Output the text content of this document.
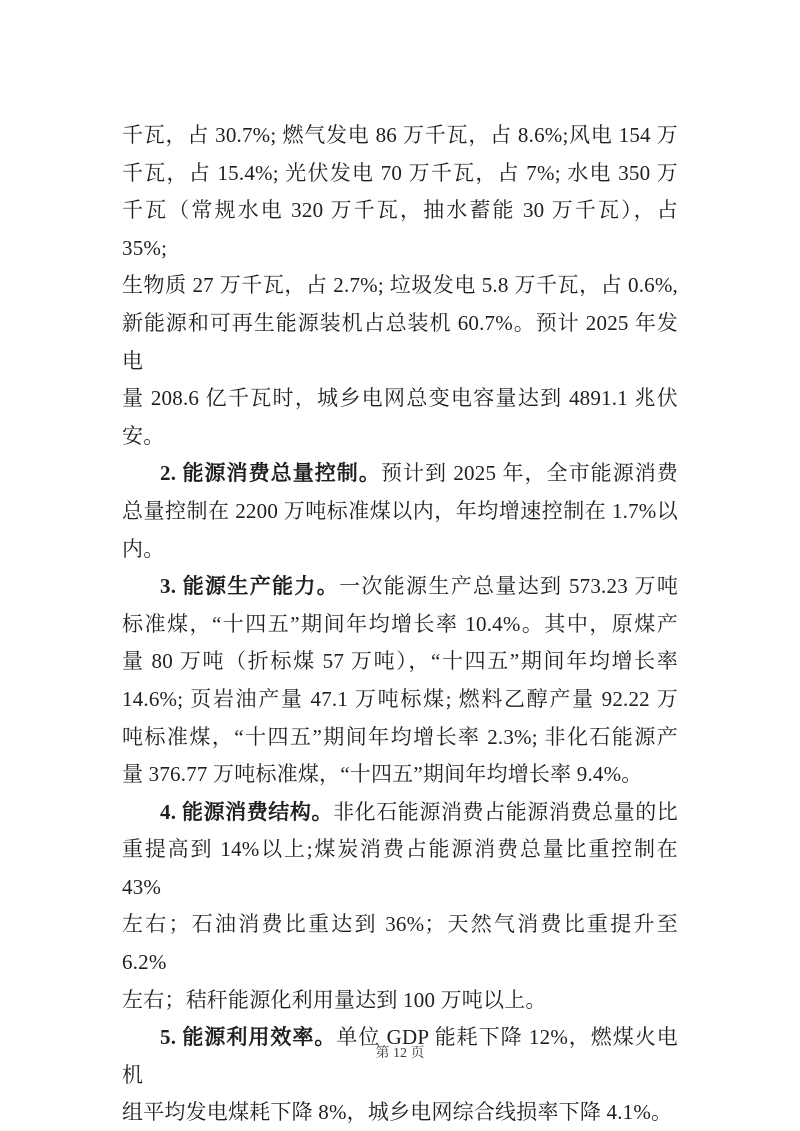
千瓦，占 30.7%; 燃气发电 86 万千瓦，占 8.6%;风电 154 万
千瓦，占 15.4%; 光伏发电 70 万千瓦，占 7%; 水电 350 万
千瓦（常规水电 320 万千瓦，抽水蓄能 30 万千瓦），占 35%;
生物质 27 万千瓦，占 2.7%; 垃圾发电 5.8 万千瓦，占 0.6%,
新能源和可再生能源装机占总装机 60.7%。预计 2025 年发电
量 208.6 亿千瓦时，城乡电网总变电容量达到 4891.1 兆伏
安。
2. 能源消费总量控制。预计到 2025 年，全市能源消费
总量控制在 2200 万吨标准煤以内，年均增速控制在 1.7%以
内。
3. 能源生产能力。一次能源生产总量达到 573.23 万吨
标准煤，“十四五”期间年均增长率 10.4%。其中，原煤产
量 80 万吨（折标煤 57 万吨），“十四五”期间年均增长率
14.6%; 页岩油产量 47.1 万吨标煤; 燃料乙醇产量 92.22 万
吨标准煤，“十四五”期间年均增长率 2.3%; 非化石能源产
量 376.77 万吨标准煤，“十四五”期间年均增长率 9.4%。
4. 能源消费结构。非化石能源消费占能源消费总量的比
重提高到 14%以上;煤炭消费占能源消费总量比重控制在 43%
左右；石油消费比重达到 36%；天然气消费比重提升至 6.2%
左右；秸秆能源化利用量达到 100 万吨以上。
5. 能源利用效率。单位 GDP 能耗下降 12%，燃煤火电机
组平均发电煤耗下降 8%，城乡电网综合线损率下降 4.1%。
第 12 页
